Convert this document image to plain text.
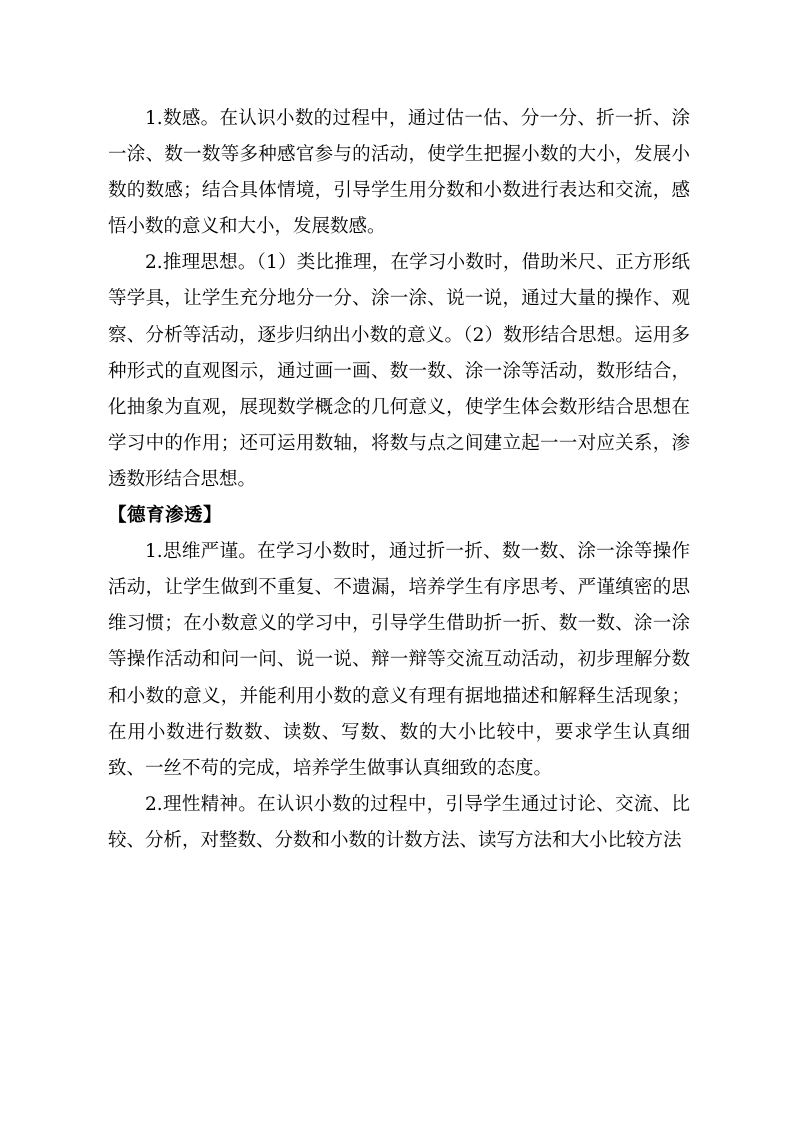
1.数感。在认识小数的过程中，通过估一估、分一分、折一折、涂一涂、数一数等多种感官参与的活动，使学生把握小数的大小，发展小数的数感；结合具体情境，引导学生用分数和小数进行表达和交流，感悟小数的意义和大小，发展数感。

2.推理思想。（1）类比推理，在学习小数时，借助米尺、正方形纸等学具，让学生充分地分一分、涂一涂、说一说，通过大量的操作、观察、分析等活动，逐步归纳出小数的意义。（2）数形结合思想。运用多种形式的直观图示，通过画一画、数一数、涂一涂等活动，数形结合，化抽象为直观，展现数学概念的几何意义，使学生体会数形结合思想在学习中的作用；还可运用数轴，将数与点之间建立起一一对应关系，渗透数形结合思想。

【德育渗透】

1.思维严谨。在学习小数时，通过折一折、数一数、涂一涂等操作活动，让学生做到不重复、不遗漏，培养学生有序思考、严谨缜密的思维习惯；在小数意义的学习中，引导学生借助折一折、数一数、涂一涂等操作活动和问一问、说一说、辩一辩等交流互动活动，初步理解分数和小数的意义，并能利用小数的意义有理有据地描述和解释生活现象；在用小数进行数数、读数、写数、数的大小比较中，要求学生认真细致、一丝不苟的完成，培养学生做事认真细致的态度。

2.理性精神。在认识小数的过程中，引导学生通过讨论、交流、比较、分析，对整数、分数和小数的计数方法、读写方法和大小比较方法
